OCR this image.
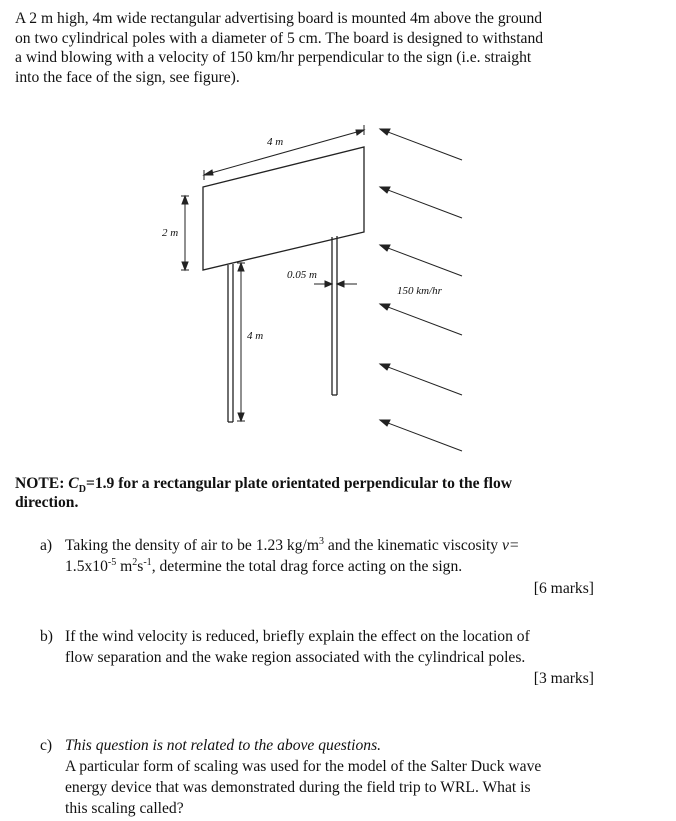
A 2 m high, 4m wide rectangular advertising board is mounted 4m above the ground
on two cylindrical poles with a diameter of 5 cm. The board is designed to withstand
a wind blowing with a velocity of 150 km/hr perpendicular to the sign (i.e. straight
into the face of the sign, see figure).
4 m
2 m
4 m
0.05 m
150 km/hr
NOTE: $C_D=1.9$ for a rectangular plate orientated perpendicular to the flow
direction.
a) Taking the density of air to be 1.23 $kg/m^3$ and the kinematic viscosity ν=
$1.5x10^{-5}$ $m^2s^{-1}$, determine the total drag force acting on the sign.
[6 marks]
b) If the wind velocity is reduced, briefly explain the effect on the location of
flow separation and the wake region associated with the cylindrical poles.
[3 marks]
c) This question is not related to the above questions.
A particular form of scaling was used for the model of the Salter Duck wave
energy device that was demonstrated during the field trip to WRL. What is
this scaling called?
